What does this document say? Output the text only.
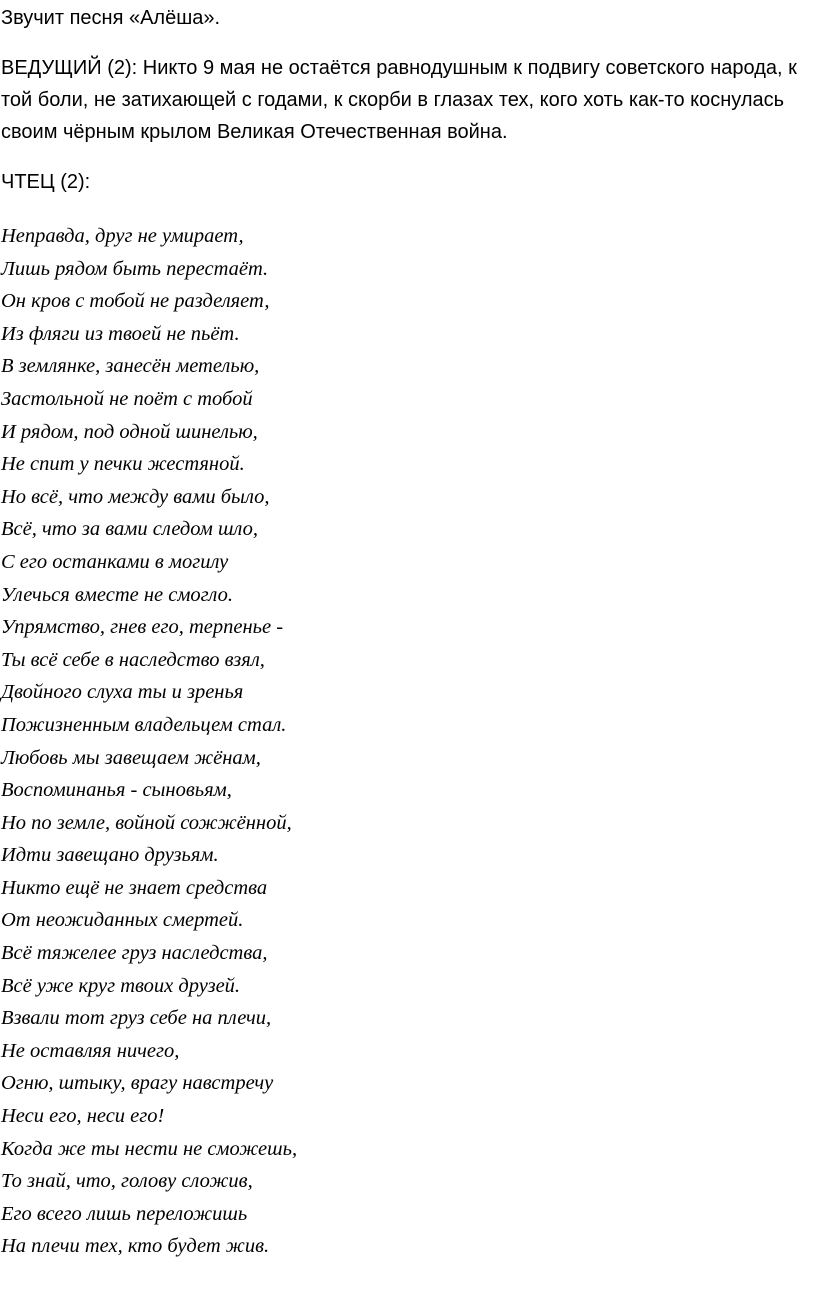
Звучит песня «Алёша».

ВЕДУЩИЙ (2): Никто 9 мая не остаётся равнодушным к подвигу советского народа, к той боли, не затихающей с годами, к скорби в глазах тех, кого хоть как-то коснулась своим чёрным крылом Великая Отечественная война.

ЧТЕЦ (2):

Неправда, друг не умирает,
Лишь рядом быть перестаёт.
Он кров с тобой не разделяет,
Из фляги из твоей не пьёт.
В землянке, занесён метелью,
Застольной не поёт с тобой
И рядом, под одной шинелью,
Не спит у печки жестяной.
Но всё, что между вами было,
Всё, что за вами следом шло,
С его останками в могилу
Улечься вместе не смогло.
Упрямство, гнев его, терпенье -
Ты всё себе в наследство взял,
Двойного слуха ты и зренья
Пожизненным владельцем стал.
Любовь мы завещаем жёнам,
Воспоминанья - сыновьям,
Но по земле, войной сожжённой,
Идти завещано друзьям.
Никто ещё не знает средства
От неожиданных смертей.
Всё тяжелее груз наследства,
Всё уже круг твоих друзей.
Взвали тот груз себе на плечи,
Не оставляя ничего,
Огню, штыку, врагу навстречу
Неси его, неси его!
Когда же ты нести не сможешь,
То знай, что, голову сложив,
Его всего лишь переложишь
На плечи тех, кто будет жив.
